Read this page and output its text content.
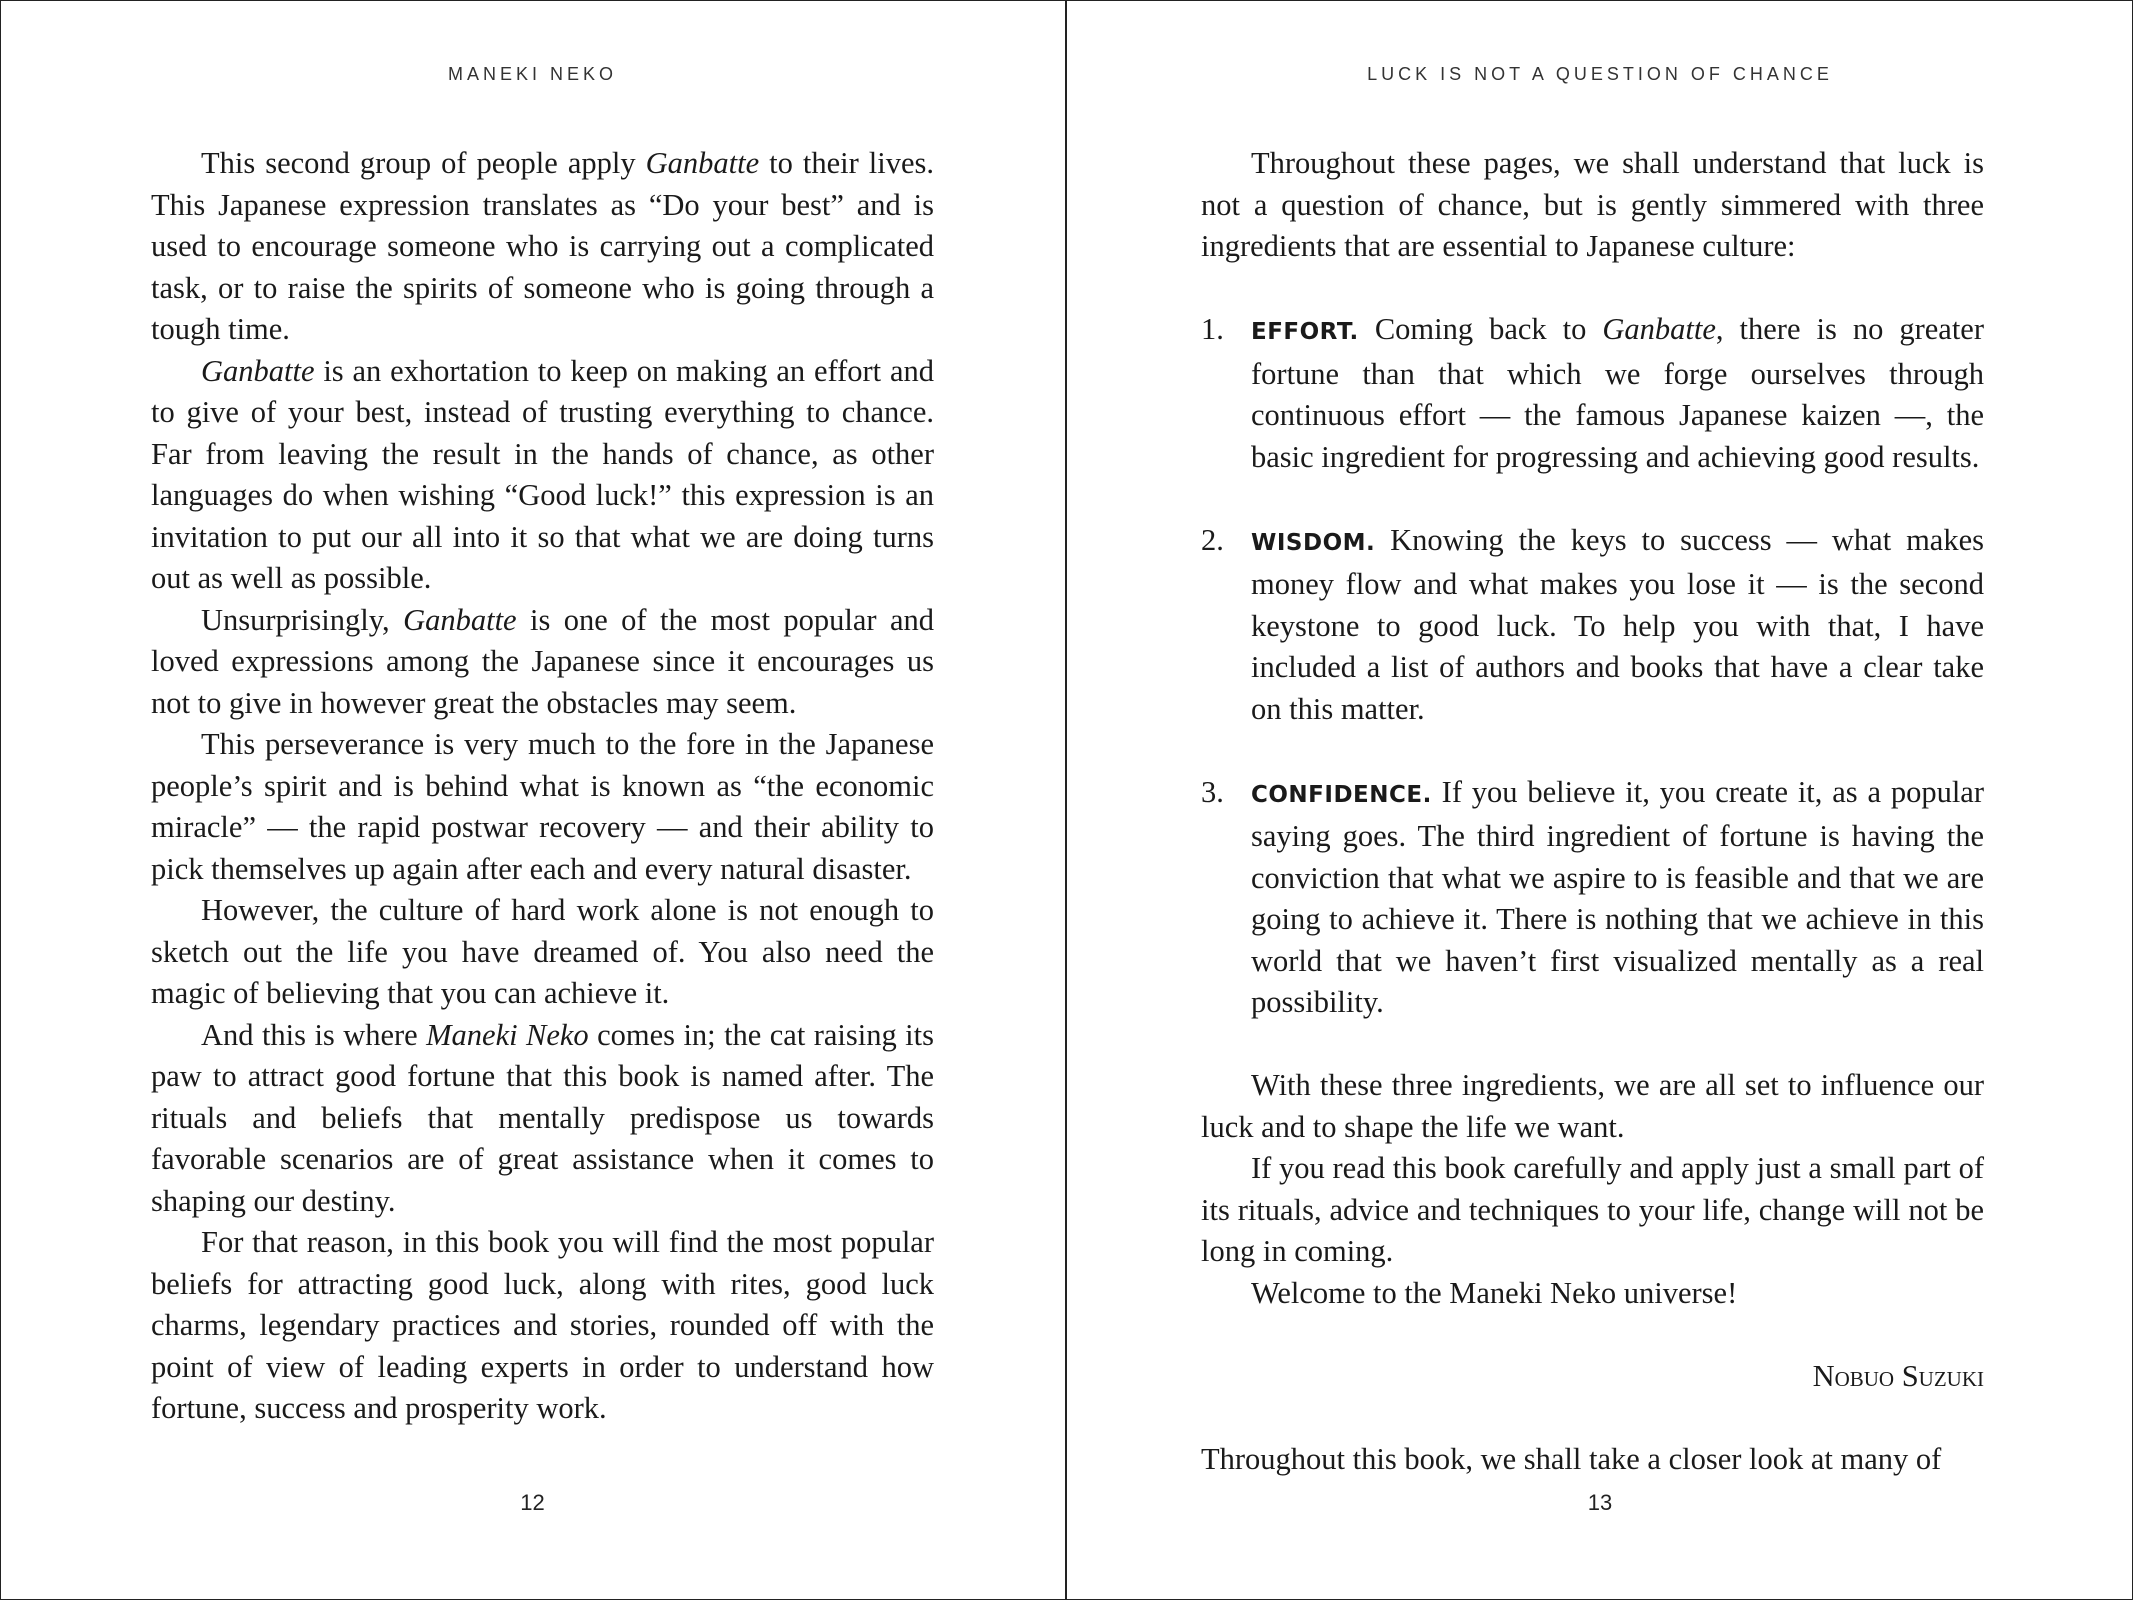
MANEKI NEKO

This second group of people apply Ganbatte to their lives. This Japanese expression translates as “Do your best” and is used to encourage someone who is carrying out a complicated task, or to raise the spirits of someone who is going through a tough time.

Ganbatte is an exhortation to keep on making an effort and to give of your best, instead of trusting everything to chance. Far from leaving the result in the hands of chance, as other languages do when wishing “Good luck!” this expression is an invitation to put our all into it so that what we are doing turns out as well as possible.

Unsurprisingly, Ganbatte is one of the most popular and loved expressions among the Japanese since it encourages us not to give in however great the obstacles may seem.

This perseverance is very much to the fore in the Japanese people’s spirit and is behind what is known as “the economic miracle” — the rapid postwar recovery — and their ability to pick themselves up again after each and every natural disaster.

However, the culture of hard work alone is not enough to sketch out the life you have dreamed of. You also need the magic of believing that you can achieve it.

And this is where Maneki Neko comes in; the cat raising its paw to attract good fortune that this book is named after. The rituals and beliefs that mentally predispose us towards favorable scenarios are of great assistance when it comes to shaping our destiny.

For that reason, in this book you will find the most popular beliefs for attracting good luck, along with rites, good luck charms, legendary practices and stories, rounded off with the point of view of leading experts in order to understand how fortune, success and prosperity work.

12
LUCK IS NOT A QUESTION OF CHANCE

Throughout these pages, we shall understand that luck is not a question of chance, but is gently simmered with three ingredients that are essential to Japanese culture:

1.	EFFORT. Coming back to Ganbatte, there is no greater fortune than that which we forge ourselves through continuous effort — the famous Japanese kaizen —, the basic ingredient for progressing and achieving good results.
2.	WISDOM. Knowing the keys to success — what makes money flow and what makes you lose it — is the second keystone to good luck. To help you with that, I have included a list of authors and books that have a clear take on this matter.
3.	CONFIDENCE. If you believe it, you create it, as a popular saying goes. The third ingredient of fortune is having the conviction that what we aspire to is feasible and that we are going to achieve it. There is nothing that we achieve in this world that we haven’t first visualized mentally as a real possibility.

With these three ingredients, we are all set to influence our luck and to shape the life we want.

If you read this book carefully and apply just a small part of its rituals, advice and techniques to your life, change will not be long in coming.

Welcome to the Maneki Neko universe!

Nobuo Suzuki

Throughout this book, we shall take a closer look at many of

13
